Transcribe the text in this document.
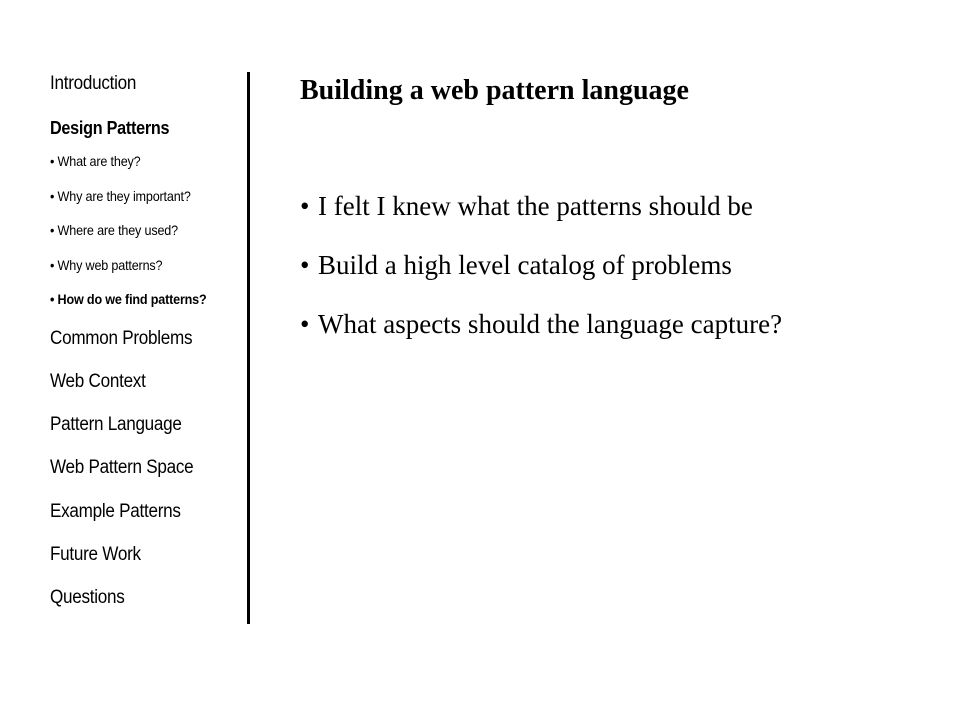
Introduction
Design Patterns
• What are they?
• Why are they important?
• Where are they used?
• Why web patterns?
• How do we find patterns?
Common Problems
Web Context
Pattern Language
Web Pattern Space
Example Patterns
Future Work
Questions
Building a web pattern language
• I felt I knew what the patterns should be
• Build a high level catalog of problems
• What aspects should the language capture?
